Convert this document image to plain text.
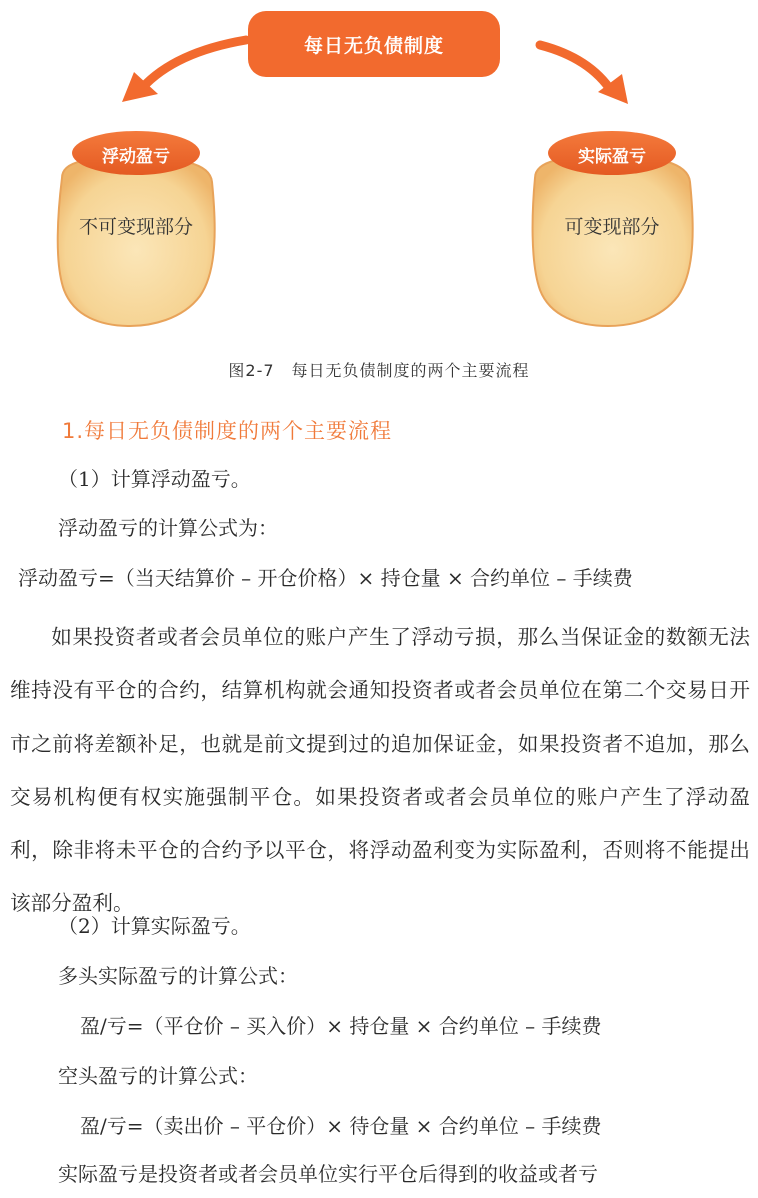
每日无负债制度
浮动盈亏
不可变现部分
实际盈亏
可变现部分
图2-7　每日无负债制度的两个主要流程
1.每日无负债制度的两个主要流程
（1）计算浮动盈亏。
浮动盈亏的计算公式为：
浮动盈亏=（当天结算价 – 开仓价格）× 持仓量 × 合约单位 – 手续费
如果投资者或者会员单位的账户产生了浮动亏损，那么当保证金的数额无法维持没有平仓的合约，结算机构就会通知投资者或者会员单位在第二个交易日开市之前将差额补足，也就是前文提到过的追加保证金，如果投资者不追加，那么交易机构便有权实施强制平仓。如果投资者或者会员单位的账户产生了浮动盈利，除非将未平仓的合约予以平仓，将浮动盈利变为实际盈利，否则将不能提出该部分盈利。
（2）计算实际盈亏。
多头实际盈亏的计算公式：
盈/亏=（平仓价 – 买入价）× 持仓量 × 合约单位 – 手续费
空头盈亏的计算公式：
盈/亏=（卖出价 – 平仓价）× 待仓量 × 合约单位 – 手续费
实际盈亏是投资者或者会员单位实行平仓后得到的收益或者亏
